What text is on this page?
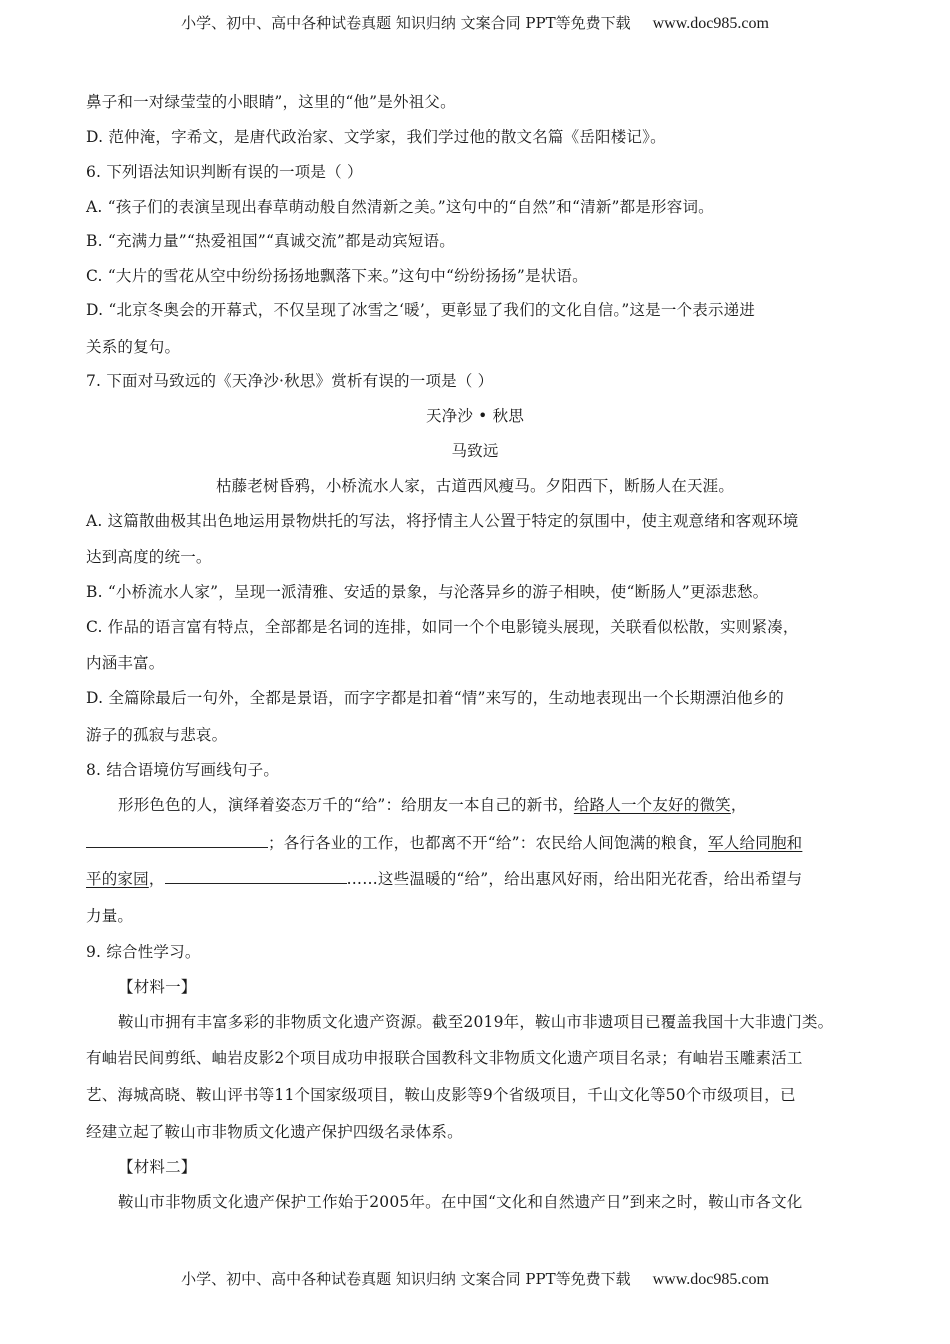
小学、初中、高中各种试卷真题 知识归纳 文案合同 PPT等免费下载 www.doc985.com
鼻子和一对绿莹莹的小眼睛”，这里的“他”是外祖父。
D. 范仲淹，字希文，是唐代政治家、文学家，我们学过他的散文名篇《岳阳楼记》。
6. 下列语法知识判断有误的一项是（ ）
A. “孩子们的表演呈现出春草萌动般自然清新之美。”这句中的“自然”和“清新”都是形容词。
B. “充满力量”“热爱祖国”“真诚交流”都是动宾短语。
C. “大片的雪花从空中纷纷扬扬地飘落下来。”这句中“纷纷扬扬”是状语。
D. “北京冬奥会的开幕式，不仅呈现了冰雪之‘暖’，更彰显了我们的文化自信。”这是一个表示递进
关系的复句。
7. 下面对马致远的《天净沙·秋思》赏析有误的一项是（ ）
天净沙 • 秋思
马致远
枯藤老树昏鸦，小桥流水人家，古道西风瘦马。夕阳西下，断肠人在天涯。
A. 这篇散曲极其出色地运用景物烘托的写法，将抒情主人公置于特定的氛围中，使主观意绪和客观环境
达到高度的统一。
B. “小桥流水人家”，呈现一派清雅、安适的景象，与沦落异乡的游子相映，使“断肠人”更添悲愁。
C. 作品的语言富有特点，全部都是名词的连排，如同一个个电影镜头展现，关联看似松散，实则紧凑，
内涵丰富。
D. 全篇除最后一句外，全都是景语，而字字都是扣着“情”来写的，生动地表现出一个长期漂泊他乡的
游子的孤寂与悲哀。
8. 结合语境仿写画线句子。
形形色色的人，演绎着姿态万千的“给”：给朋友一本自己的新书，给路人一个友好的微笑，
；各行各业的工作，也都离不开“给”：农民给人间饱满的粮食，军人给同胞和
平的家园，	……这些温暖的“给”，给出惠风好雨，给出阳光花香，给出希望与
力量。
9. 综合性学习。
【材料一】
鞍山市拥有丰富多彩的非物质文化遗产资源。截至2019年，鞍山市非遗项目已覆盖我国十大非遗门类。
有岫岩民间剪纸、岫岩皮影2个项目成功申报联合国教科文非物质文化遗产项目名录；有岫岩玉雕素活工
艺、海城高晓、鞍山评书等11个国家级项目，鞍山皮影等9个省级项目，千山文化等50个市级项目，已
经建立起了鞍山市非物质文化遗产保护四级名录体系。
【材料二】
鞍山市非物质文化遗产保护工作始于2005年。在中国“文化和自然遗产日”到来之时，鞍山市各文化
小学、初中、高中各种试卷真题 知识归纳 文案合同 PPT等免费下载 www.doc985.com
